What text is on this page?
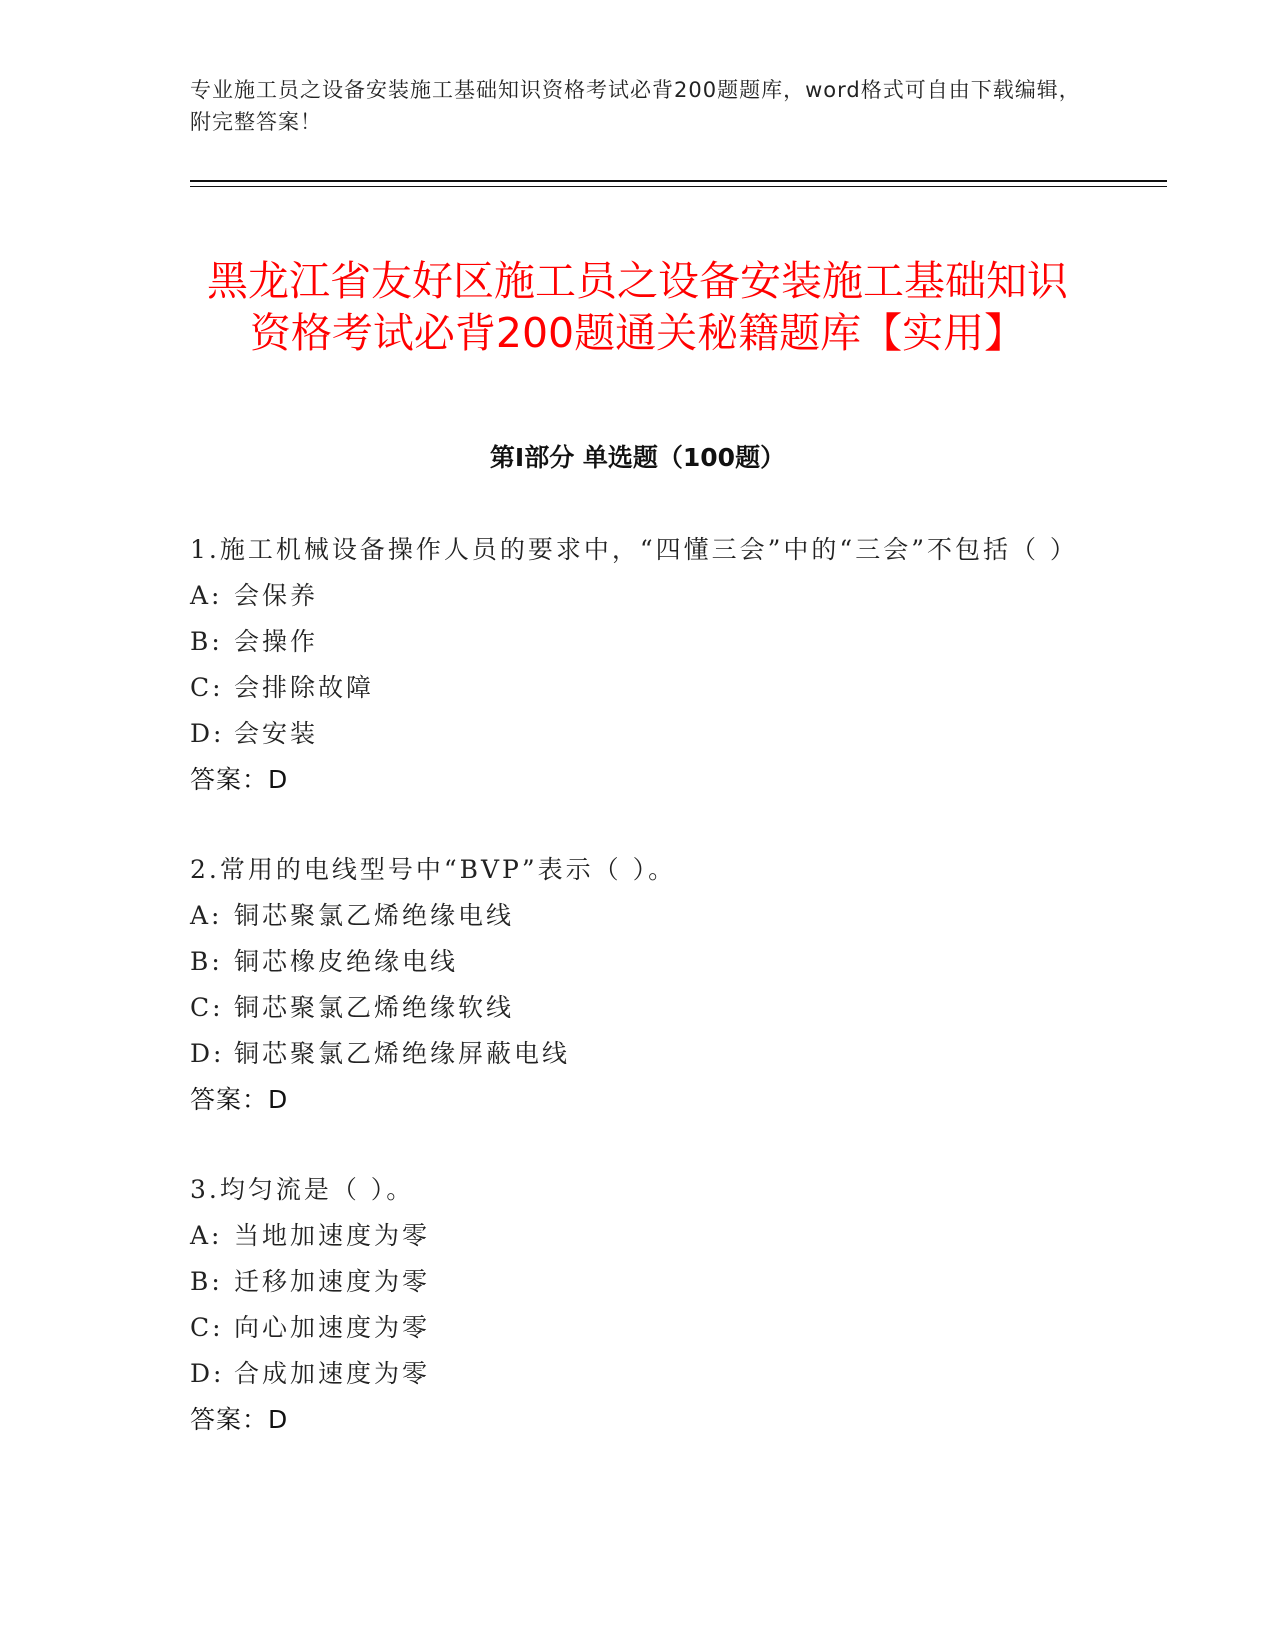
专业施工员之设备安装施工基础知识资格考试必背200题题库，word格式可自由下载编辑，附完整答案！
黑龙江省友好区施工员之设备安装施工基础知识资格考试必背200题通关秘籍题库【实用】
第Ⅰ部分 单选题（100题）

1.施工机械设备操作人员的要求中，“四懂三会”中的“三会”不包括（ ）

A: 会保养

B: 会操作

C: 会排除故障

D: 会安装

答案：D

2.常用的电线型号中“BVP”表示（ ）。

A: 铜芯聚氯乙烯绝缘电线

B: 铜芯橡皮绝缘电线

C: 铜芯聚氯乙烯绝缘软线

D: 铜芯聚氯乙烯绝缘屏蔽电线

答案：D

3.均匀流是（ ）。

A: 当地加速度为零

B: 迁移加速度为零

C: 向心加速度为零

D: 合成加速度为零

答案：D
